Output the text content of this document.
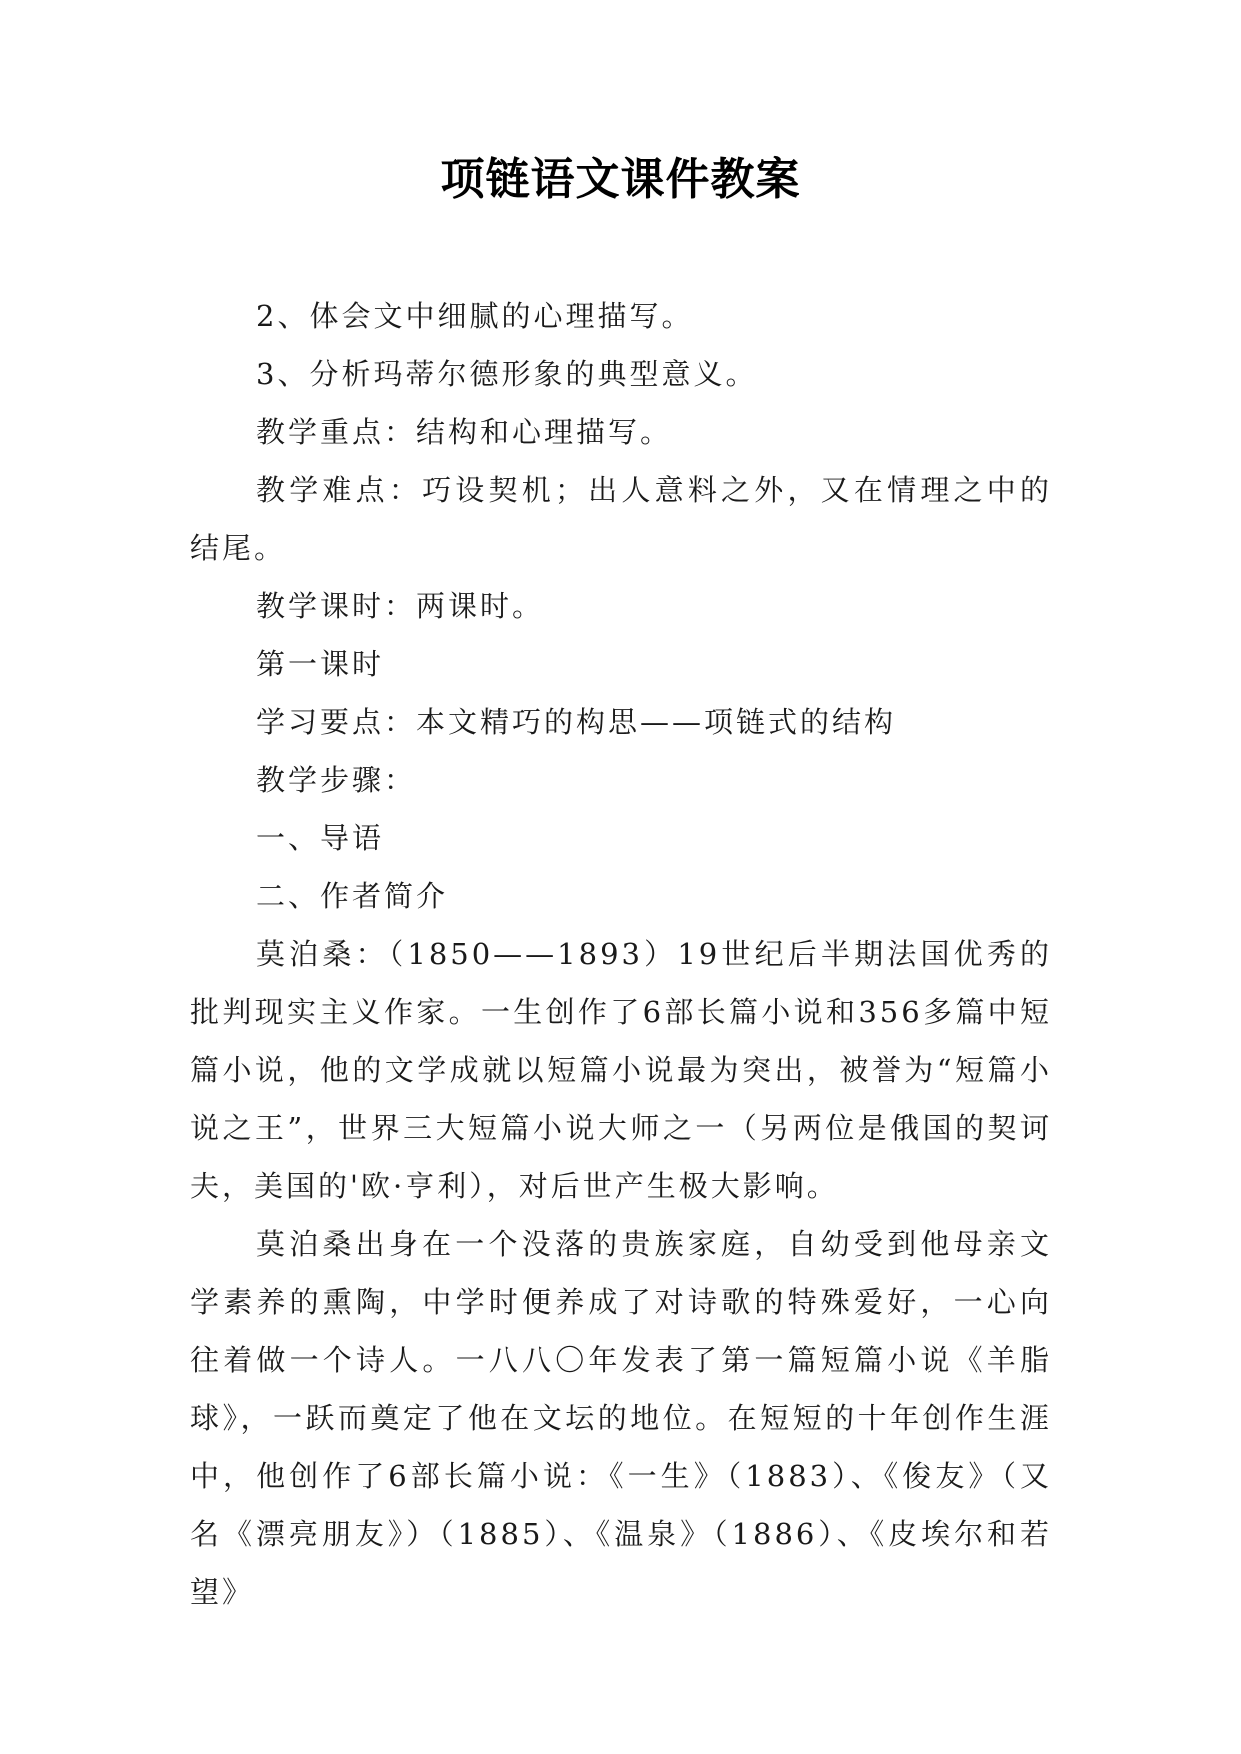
项链语文课件教案

2、体会文中细腻的心理描写。

3、分析玛蒂尔德形象的典型意义。

教学重点：结构和心理描写。

教学难点：巧设契机；出人意料之外，又在情理之中的结尾。

教学课时：两课时。

第一课时

学习要点：本文精巧的构思——项链式的结构

教学步骤：

一、导语

二、作者简介

莫泊桑：（1850——1893）19世纪后半期法国优秀的批判现实主义作家。一生创作了6部长篇小说和356多篇中短篇小说，他的文学成就以短篇小说最为突出，被誉为“短篇小说之王”，世界三大短篇小说大师之一（另两位是俄国的契诃夫，美国的'欧·亨利），对后世产生极大影响。

莫泊桑出身在一个没落的贵族家庭，自幼受到他母亲文学素养的熏陶，中学时便养成了对诗歌的特殊爱好，一心向往着做一个诗人。一八八〇年发表了第一篇短篇小说《羊脂球》，一跃而奠定了他在文坛的地位。在短短的十年创作生涯中，他创作了6部长篇小说：《一生》（1883）、《俊友》（又名《漂亮朋友》）（1885）、《温泉》（1886）、《皮埃尔和若望》
